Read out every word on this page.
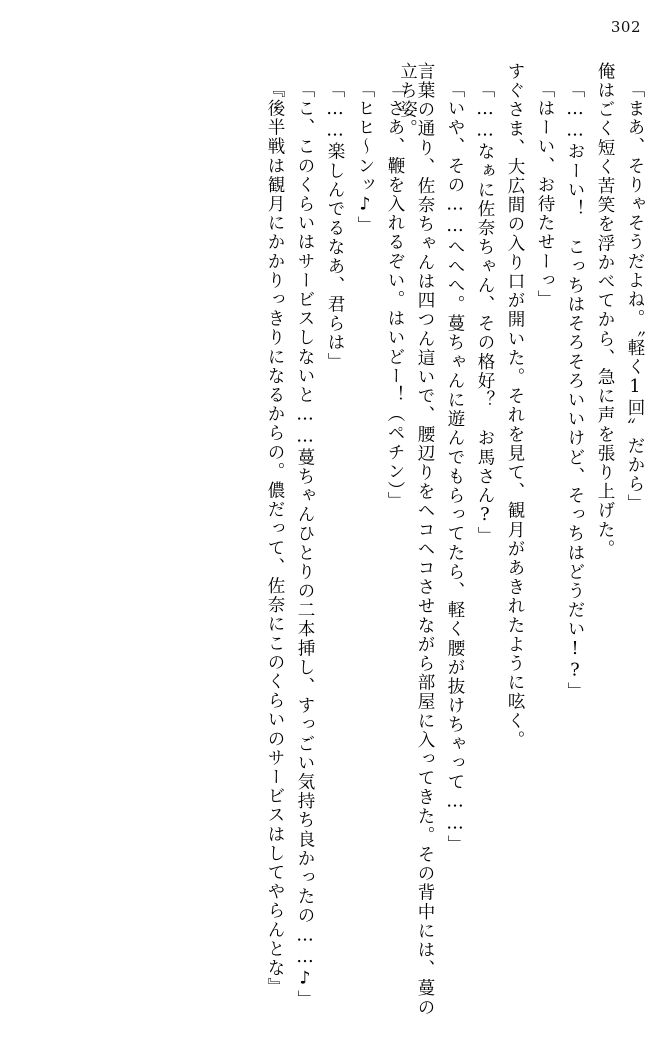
302
「まあ、そりゃそうだよね。〝軽く1回〟だから」
俺はごく短く苦笑を浮かべてから、急に声を張り上げた。
「……おーい！　こっちはそろそろいいけど、そっちはどうだい!?」
「はーい、お待たせーっ」
すぐさま、大広間の入り口が開いた。それを見て、観月があきれたように呟く。
「……なぁに佐奈ちゃん、その格好？　お馬さん?」
「いや、その……へへへ。蔓ちゃんに遊んでもらってたら、軽く腰が抜けちゃって……」
言葉の通り、佐奈ちゃんは四つん這いで、腰辺りをヘコヘコさせながら部屋に入ってきた。その背中には、蔓の立ち姿。
「さあ、鞭を入れるぞい。はいどー！（ペチン）」
「ヒヒ～ンッ♪」
「……楽しんでるなあ、君らは」
「こ、このくらいはサービスしないと……蔓ちゃんひとりの二本挿し、すっごい気持ち良かったの……♪」
『後半戦は観月にかかりっきりになるからの。儂だって、佐奈にこのくらいのサービスはしてやらんとな』
